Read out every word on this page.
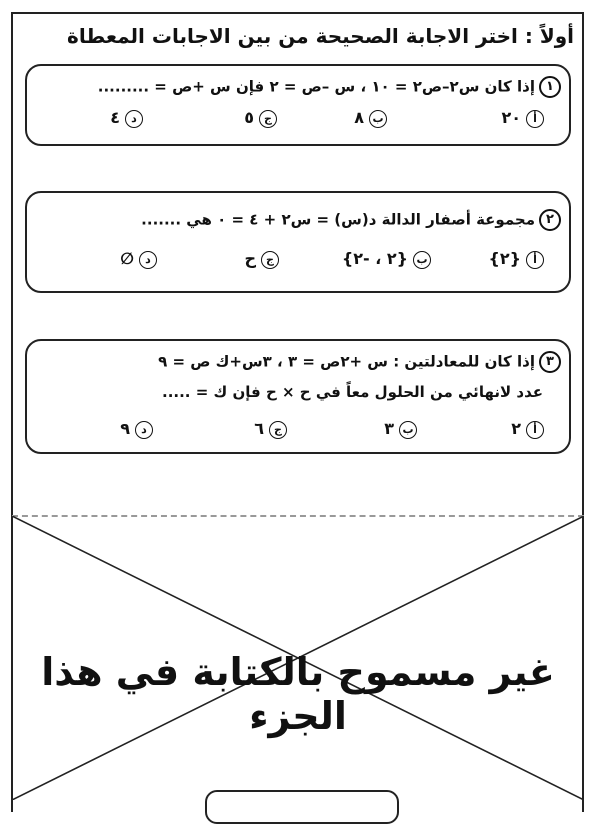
أولاً : اختر الاجابة الصحيحة من بين الاجابات المعطاة
١إذا كان س٢–ص٢ = ١٠ ، س –ص = ٢ فإن س +ص = .........
أ٢٠
ب٨
ج٥
د٤
٢مجموعة أصفار الدالة د(س) = س٢ + ٤ = ٠ هي .......
أ{٢}
ب{٢ ، -٢}
جح
د∅
٣إذا كان للمعادلتين : س +٢ص = ٣ ، ٣س+ك ص = ٩
عدد لانهائي من الحلول معاً في ح × ح فإن ك = .....
أ٢
ب٣
ج٦
د٩
غير مسموح بالكتابة في هذا الجزء
